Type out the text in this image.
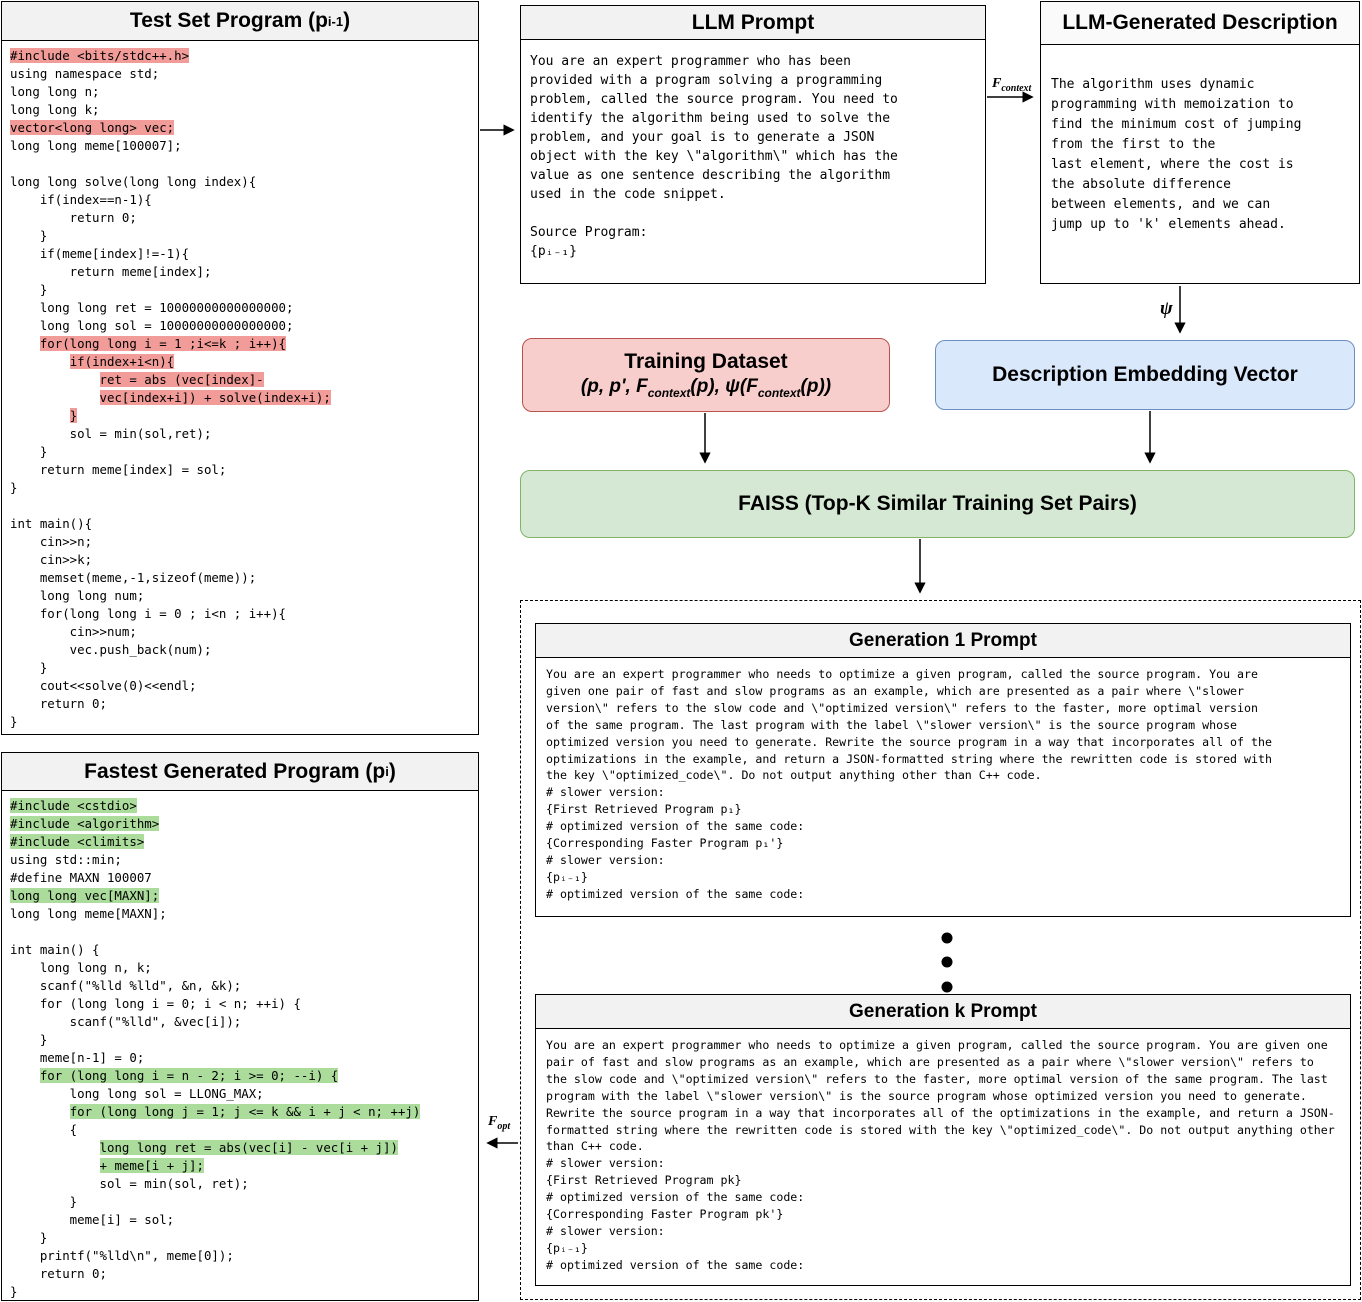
Test Set Program (p i-1 )
#include <bits/stdc++.h>
using namespace std;
long long n;
long long k;
vector<long long> vec;
long long meme[100007];

long long solve(long long index){
if(index==n-1){
return 0;
}
if(meme[index]!=-1){
return meme[index];
}
long long ret = 10000000000000000;
long long sol = 10000000000000000;
for(long long i = 1 ;i<=k ; i++){
if(index+i<n){
ret = abs (vec[index]-
vec[index+i]) + solve(index+i);
}
sol = min(sol,ret);
}
return meme[index] = sol;
}

int main(){
cin>>n;
cin>>k;
memset(meme,-1,sizeof(meme));
long long num;
for(long long i = 0 ; i<n ; i++){
cin>>num;
vec.push_back(num);
}
cout<<solve(0)<<endl;
return 0;
}
LLM Prompt
You are an expert programmer who has been
provided with a program solving a programming
problem, called the source program. You need to
identify the algorithm being used to solve the
problem, and your goal is to generate a JSON
object with the key \"algorithm\" which has the
value as one sentence describing the algorithm
used in the code snippet.

Source Program:
{pᵢ₋₁}
LLM-Generated Description
The algorithm uses dynamic
programming with memoization to
find the minimum cost of jumping
from the first to the
last element, where the cost is
the absolute difference
between elements, and we can
jump up to 'k' elements ahead.
Training Dataset
(p, p', $F_{context}(p)$, $\psi(F_{context}(p))$
Description Embedding Vector
FAISS (Top-K Similar Training Set Pairs)
Generation 1 Prompt
You are an expert programmer who needs to optimize a given program, called the source program. You are
given one pair of fast and slow programs as an example, which are presented as a pair where \"slower
version\" refers to the slow code and \"optimized version\" refers to the faster, more optimal version
of the same program. The last program with the label \"slower version\" is the source program whose
optimized version you need to generate. Rewrite the source program in a way that incorporates all of the
optimizations in the example, and return a JSON-formatted string where the rewritten code is stored with
the key \"optimized_code\". Do not output anything other than C++ code.
# slower version:
{First Retrieved Program p₁}
# optimized version of the same code:
{Corresponding Faster Program p₁'}
# slower version:
{pᵢ₋₁}
# optimized version of the same code:
Generation k Prompt
You are an expert programmer who needs to optimize a given program, called the source program. You are given one
pair of fast and slow programs as an example, which are presented as a pair where \"slower version\" refers to
the slow code and \"optimized version\" refers to the faster, more optimal version of the same program. The last
program with the label \"slower version\" is the source program whose optimized version you need to generate.
Rewrite the source program in a way that incorporates all of the optimizations in the example, and return a JSON-
formatted string where the rewritten code is stored with the key \"optimized_code\". Do not output anything other
than C++ code.
# slower version:
{First Retrieved Program pk}
# optimized version of the same code:
{Corresponding Faster Program pk'}
# slower version:
{pᵢ₋₁}
# optimized version of the same code:
Fastest Generated Program (p i )
#include <cstdio>
#include <algorithm>
#include <climits>
using std::min;
#define MAXN 100007
long long vec[MAXN];
long long meme[MAXN];

int main() {
long long n, k;
scanf("%lld %lld", &n, &k);
for (long long i = 0; i < n; ++i) {
scanf("%lld", &vec[i]);
}
meme[n-1] = 0;
for (long long i = n - 2; i >= 0; --i) {
long long sol = LLONG_MAX;
for (long long j = 1; j <= k && i + j < n; ++j)
{
long long ret = abs(vec[i] - vec[i + j])
+ meme[i + j];
sol = min(sol, ret);
}
meme[i] = sol;
}
printf("%lld\n", meme[0]);
return 0;
}
$F_{context}$
ψ
$F_{opt}$
